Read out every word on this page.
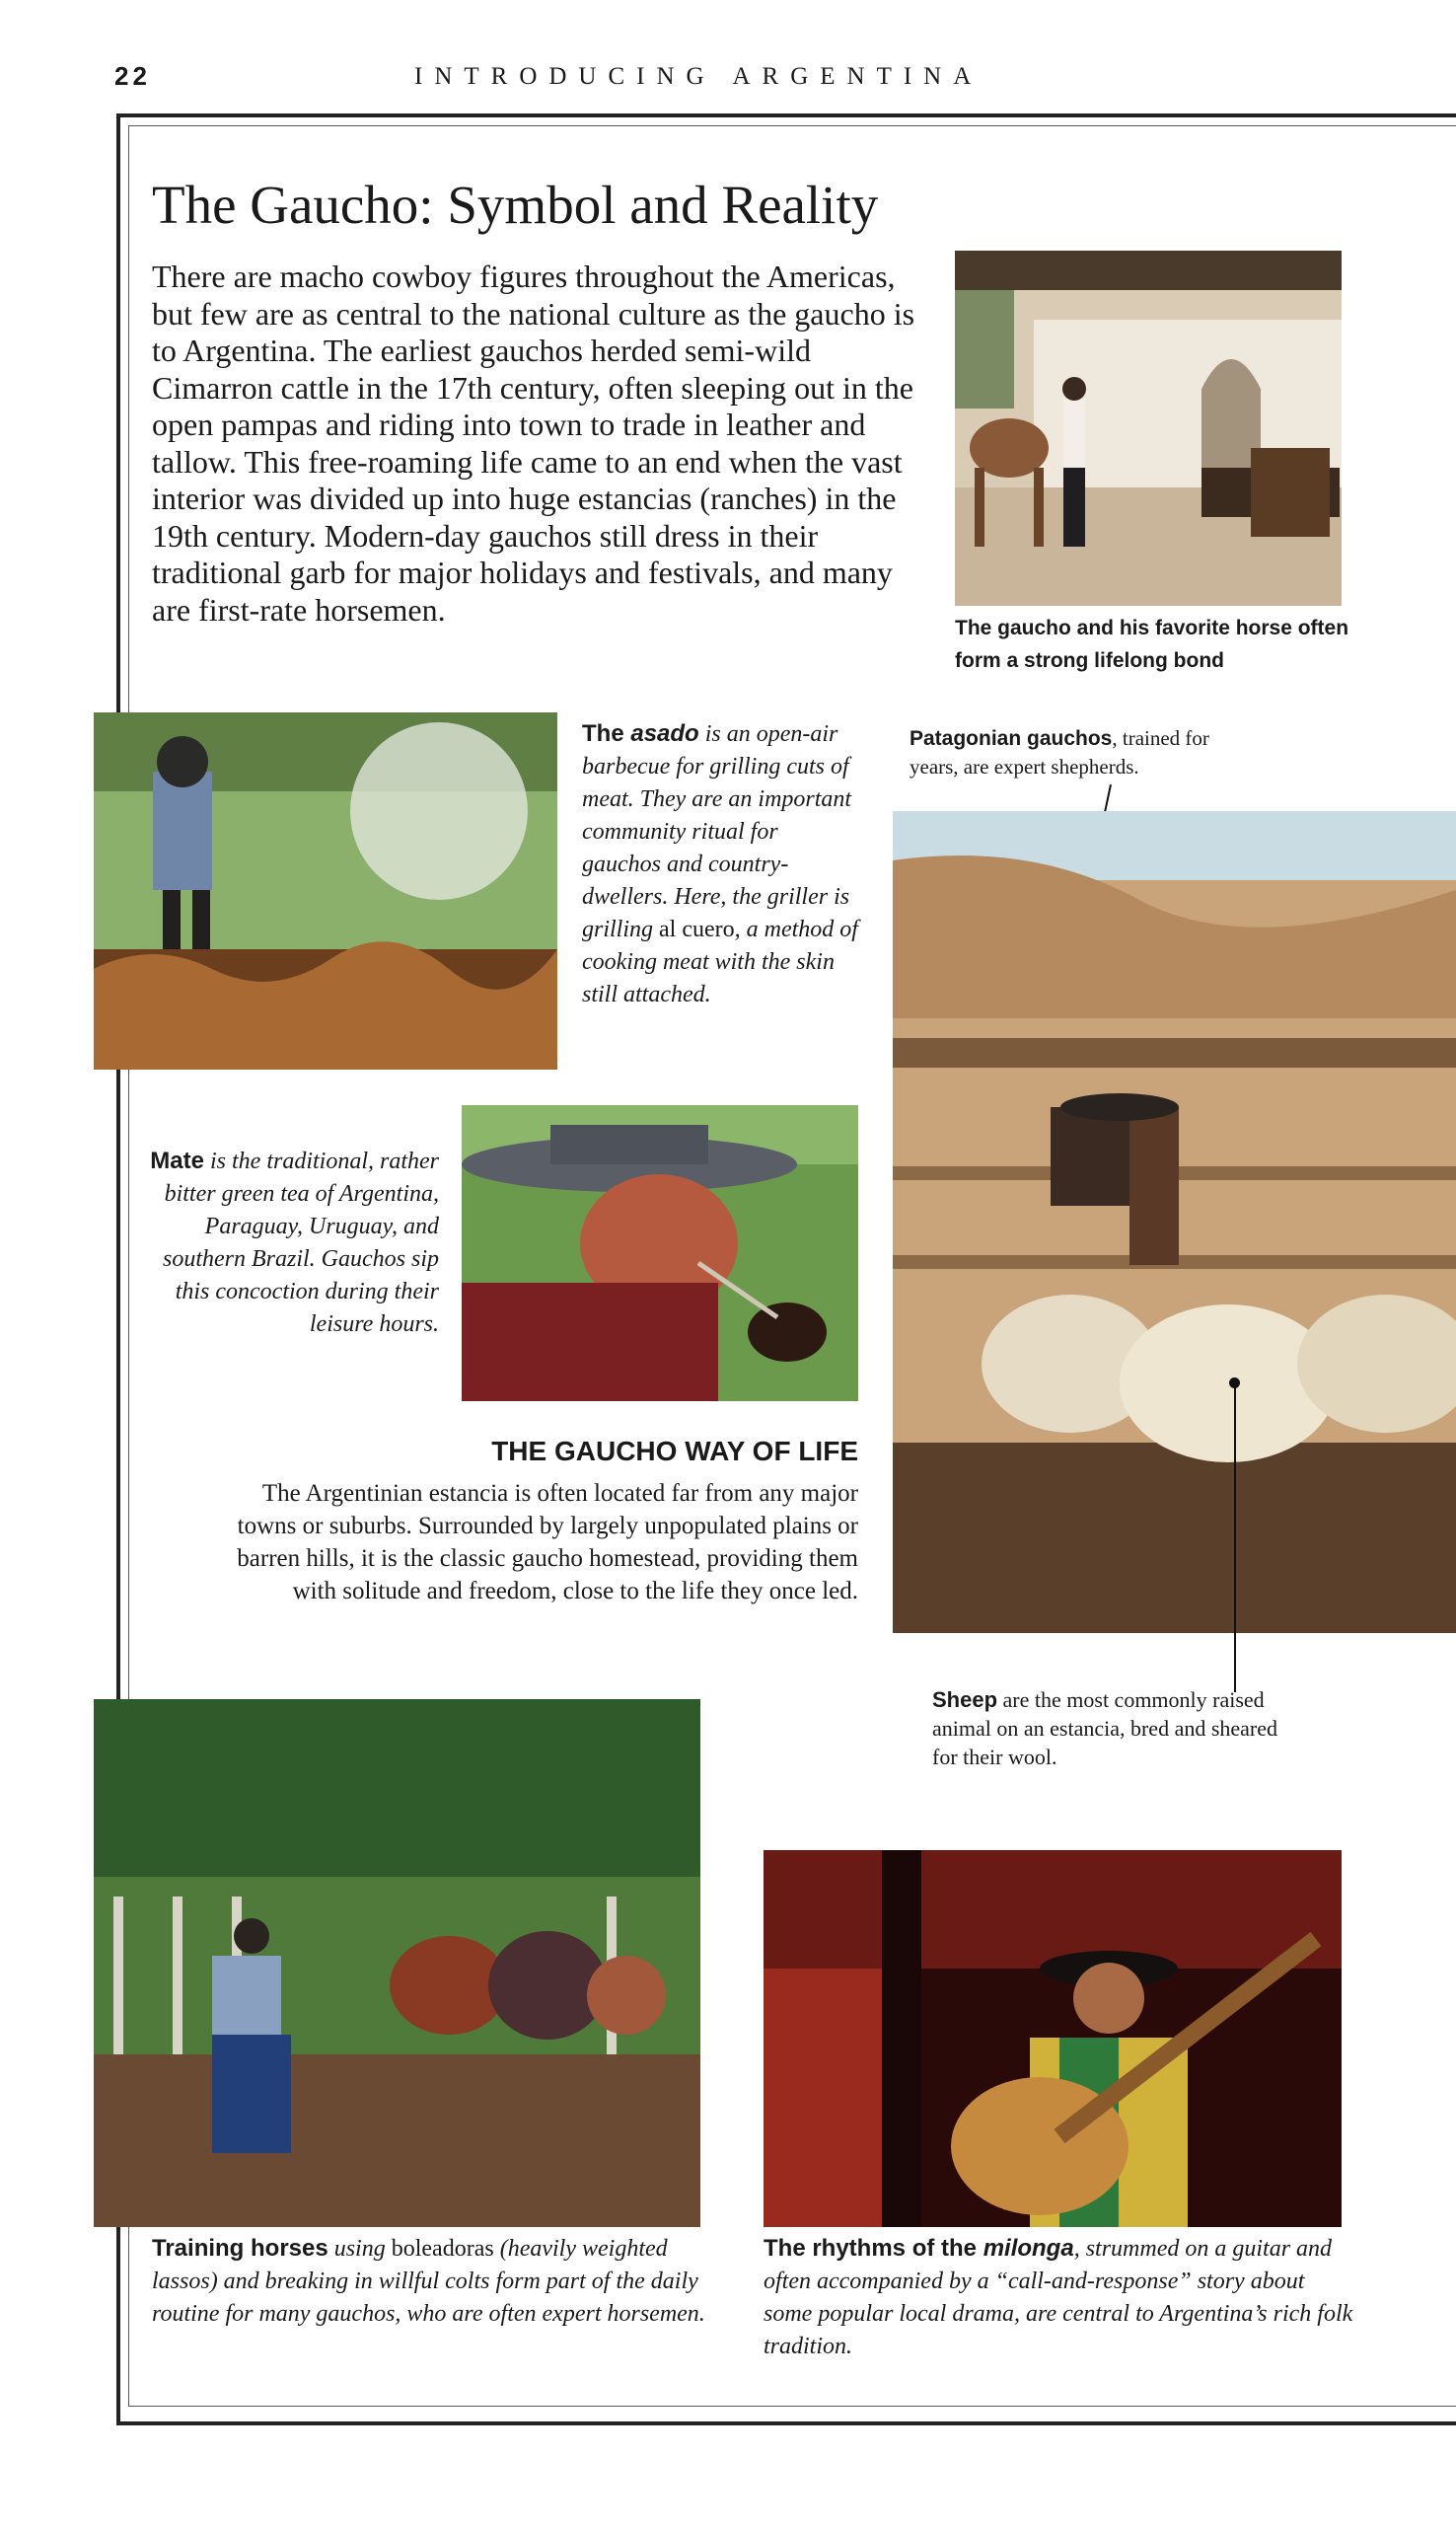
22	INTRODUCING ARGENTINA
The Gaucho: Symbol and Reality

There are macho cowboy figures throughout the Americas, but few are as central to the national culture as the gaucho is to Argentina. The earliest gauchos herded semi-wild Cimarron cattle in the 17th century, often sleeping out in the open pampas and riding into town to trade in leather and tallow. This free-roaming life came to an end when the vast interior was divided up into huge estancias (ranches) in the 19th century. Modern-day gauchos still dress in their traditional garb for major holidays and festivals, and many are first-rate horsemen.

The gaucho and his favorite horse often form a strong lifelong bond

The asado is an open-air barbecue for grilling cuts of meat. They are an important community ritual for gauchos and country-dwellers. Here, the griller is grilling al cuero, a method of cooking meat with the skin still attached.

Mate is the traditional, rather bitter green tea of Argentina, Paraguay, Uruguay, and southern Brazil. Gauchos sip this concoction during their leisure hours.

Patagonian gauchos, trained for years, are expert shepherds.

Sheep are the most commonly raised animal on an estancia, bred and sheared for their wool.

THE GAUCHO WAY OF LIFE

The Argentinian estancia is often located far from any major towns or suburbs. Surrounded by largely unpopulated plains or barren hills, it is the classic gaucho homestead, providing them with solitude and freedom, close to the life they once led.

Training horses using boleadoras (heavily weighted lassos) and breaking in willful colts form part of the daily routine for many gauchos, who are often expert horsemen.

The rhythms of the milonga, strummed on a guitar and often accompanied by a “call-and-response” story about some popular local drama, are central to Argentina’s rich folk tradition.
